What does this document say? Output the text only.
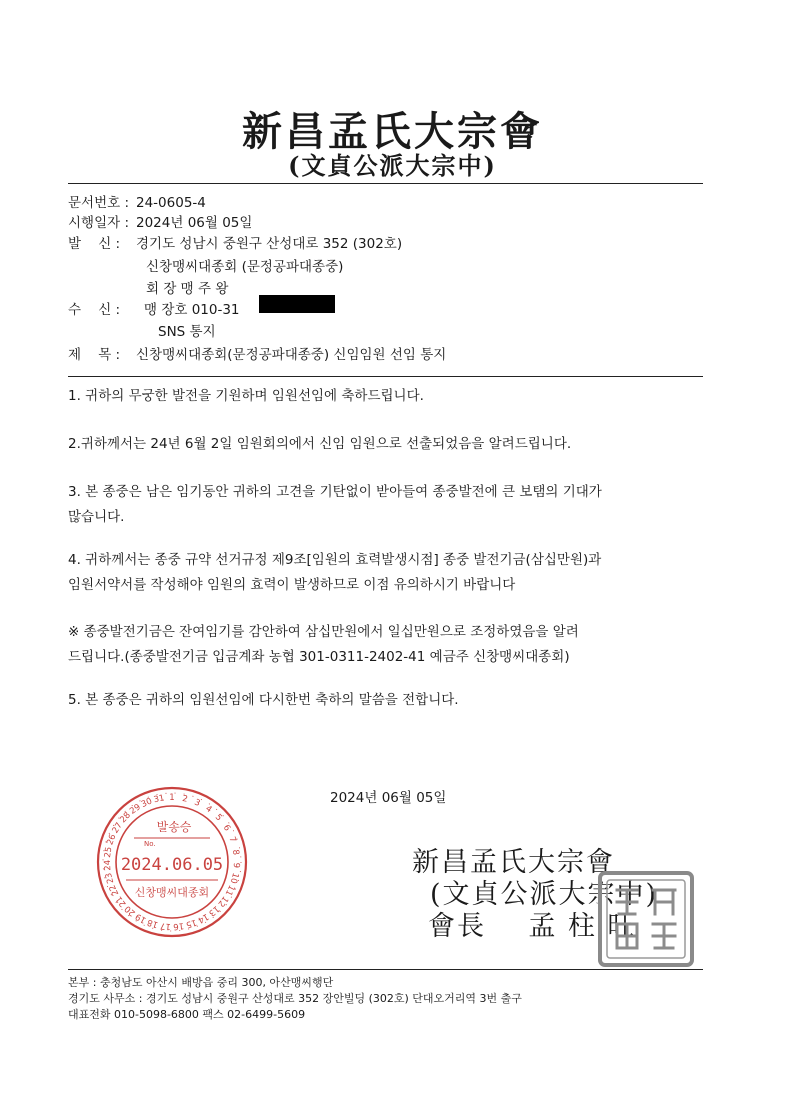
新昌孟氏大宗會
(文貞公派大宗中)
문서번호 : 24-0605-4
시행일자 : 2024년 06월 05일
발    신 : 경기도 성남시 중원구 산성대로 352 (302호)
신창맹씨대종회 (문정공파대종중)
회 장 맹 주 왕
수    신 : 맹 장호 010-31
SNS 통지
제    목 : 신창맹씨대종회(문정공파대종중) 신임임원 선임 통지
1. 귀하의 무궁한 발전을 기원하며 임원선임에 축하드립니다.
2.귀하께서는 24년 6월 2일 임원회의에서 신임 임원으로 선출되었음을 알려드립니다.
3. 본 종중은 남은 임기동안 귀하의 고견을 기탄없이 받아들여 종중발전에 큰 보탬의 기대가
많습니다.
4. 귀하께서는 종중 규약 선거규정 제9조[임원의 효력발생시점] 종중 발전기금(삼십만원)과
임원서약서를 작성해야 임원의 효력이 발생하므로 이점 유의하시기 바랍니다
※ 종중발전기금은 잔여임기를 감안하여 삼십만원에서 일십만원으로 조정하였음을 알려
드립니다.(종중발전기금 입금계좌 농협 301-0311-2402-41 예금주 신창맹씨대종회)
5. 본 종중은 귀하의 임원선임에 다시한번 축하의 말씀을 전합니다.
2024년 06월 05일
1 2 3
4
5
6
7
8
9
10
11
12
13
14
15
16
17
18
19
20
21
22
23
24
25
26
27
28
29
30 31
발송승
No.
2024.06.05
신창맹씨대종회
新昌孟氏大宗會
(文貞公派大宗中)
會長    孟 柱 旺
본부 : 충청남도 아산시 배방읍 중리 300, 아산맹씨행단
경기도 사무소 : 경기도 성남시 중원구 산성대로 352 장안빌딩 (302호) 단대오거리역 3번 출구
대표전화 010-5098-6800 팩스 02-6499-5609
